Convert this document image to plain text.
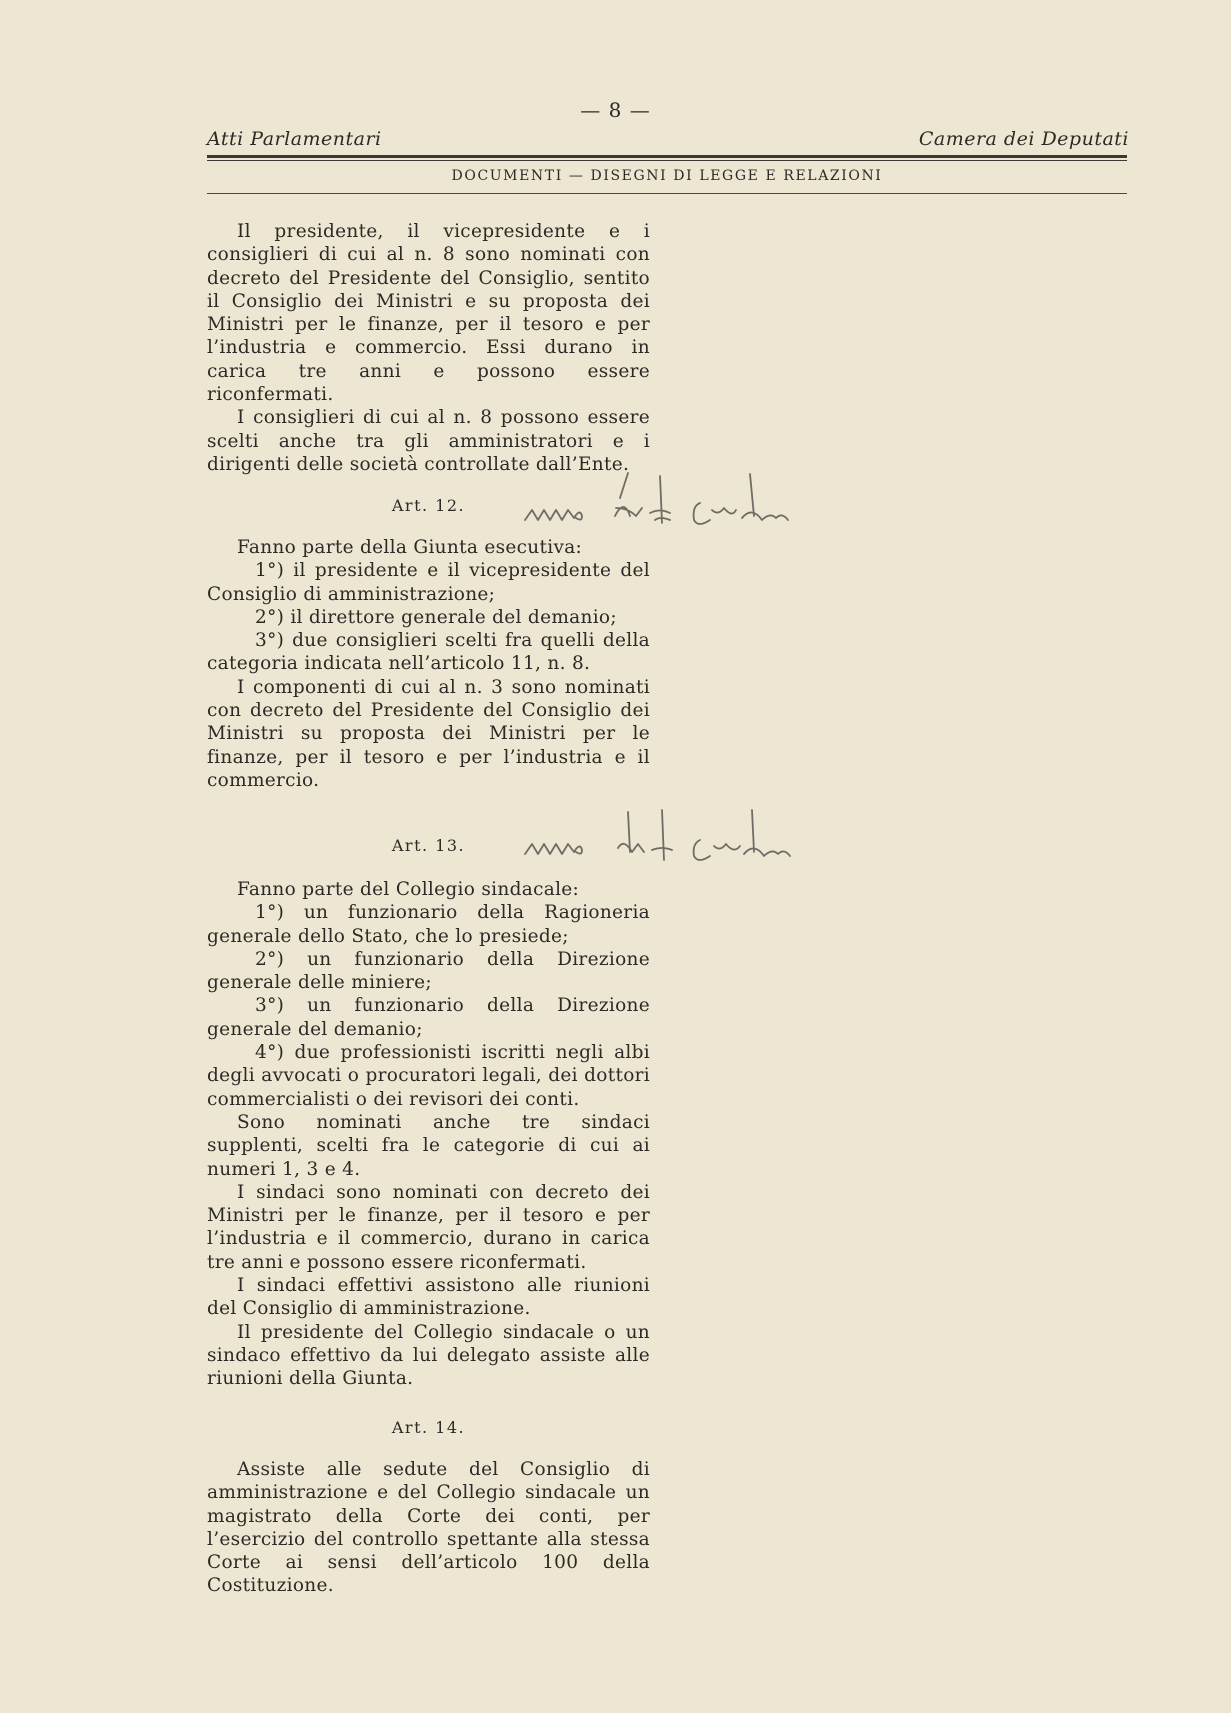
— 8 —
Atti Parlamentari	Camera dei Deputati
DOCUMENTI — DISEGNI DI LEGGE E RELAZIONI

Il presidente, il vicepresidente e i consiglieri di cui al n. 8 sono nominati con decreto del Presidente del Consiglio, sentito il Consiglio dei Ministri e su proposta dei Ministri per le finanze, per il tesoro e per l’industria e commercio. Essi durano in carica tre anni e possono essere riconfermati.

I consiglieri di cui al n. 8 possono essere scelti anche tra gli amministratori e i dirigenti delle società controllate dall’Ente.

Art. 12.

Fanno parte della Giunta esecutiva:

1°) il presidente e il vicepresidente del Consiglio di amministrazione;

2°) il direttore generale del demanio;

3°) due consiglieri scelti fra quelli della categoria indicata nell’articolo 11, n. 8.

I componenti di cui al n. 3 sono nominati con decreto del Presidente del Consiglio dei Ministri su proposta dei Ministri per le finanze, per il tesoro e per l’industria e il commercio.

Art. 13.

Fanno parte del Collegio sindacale:

1°) un funzionario della Ragioneria generale dello Stato, che lo presiede;

2°) un funzionario della Direzione generale delle miniere;

3°) un funzionario della Direzione generale del demanio;

4°) due professionisti iscritti negli albi degli avvocati o procuratori legali, dei dottori commercialisti o dei revisori dei conti.

Sono nominati anche tre sindaci supplenti, scelti fra le categorie di cui ai numeri 1, 3 e 4.

I sindaci sono nominati con decreto dei Ministri per le finanze, per il tesoro e per l’industria e il commercio, durano in carica tre anni e possono essere riconfermati.

I sindaci effettivi assistono alle riunioni del Consiglio di amministrazione.

Il presidente del Collegio sindacale o un sindaco effettivo da lui delegato assiste alle riunioni della Giunta.

Art. 14.

Assiste alle sedute del Consiglio di amministrazione e del Collegio sindacale un magistrato della Corte dei conti, per l’esercizio del controllo spettante alla stessa Corte ai sensi dell’articolo 100 della Costituzione.
